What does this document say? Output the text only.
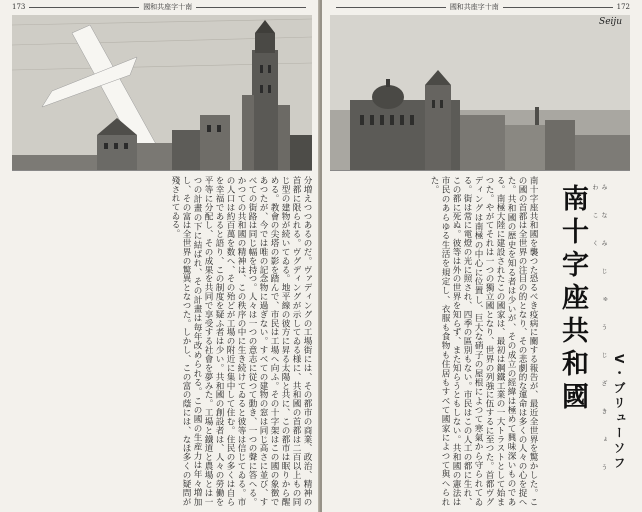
173	國和共座字十南
分増えつつあるのだ。ヴァディングの工場街には、その都市の商業、政治、精神の首都に限られる。ヴグディングが示してゐる様に、共和國の首都は二百以上もの同じ型の建物が続いてゐる。地平線の彼方に昇る太陽と共に、この都市は眠りから醒める。教會の尖塔の影を踏んで、市民は工場へ向ふ。その十字架はこの國の象徴であつたが、今では唯の記念物に過ぎない。すべての建物の窓は同じ高さに並び、すべての街路は同じ幅を持つ。人々は一つの意志に従つて動き、一つの聲に答へる。かつての共和國の精神は、この秩序の中に生き続けてゐると彼等は信じてゐる。市の人口は約百萬を数へ、その殆どが工場の附近に集中して住む。住民の多くは自らを幸福であると語り、この制度を疑ふ者は少い。共和國の創設者は、人々の勞働を平等に分配し、その成果を共同で享受する社會を夢みた。工場と鐵道と農場とは一つの計畫の下に結ばれ、その計畫は毎年改められる。この國の生産力は年々増加し、その富は全世界の驚異となつた。しかし、この富の蔭には、なほ多くの疑問が殘されてゐる。
國和共座字十南	172
Seiju
南十字座共和國を襲つた恐るべき疫病に關する報告が、最近全世界を驚かした。この國の首都は全世界の注目の的となり、その悲劇的な運命は多くの人々の心を捉へた。共和國の歴史を知る者は少いが、その成立の經緯は極めて興味深いものである。南極大陸に建設されたこの國家は、最初は鋼鐵工業の一大トラストとして始まつた。やがてそれは一つの獨立國となり、世界の列強に伍するに至つた。首都ヴグディングは南極の中心に位置し、巨大な硝子の屋根によつて寒氣から守られてゐる。街は常に電燈の光に照され、四季の區別もない。市民はこの人工の都に生れ、この都に死ぬ。彼等は外の世界を知らず、また知らうともしない。共和國の憲法は市民のあらゆる生活を規定し、衣服も食物も住居もすべて國家によつて與へられた。	みなみじゅうじざきょうわこく
南十字座共和國	V・ブリューソフ
